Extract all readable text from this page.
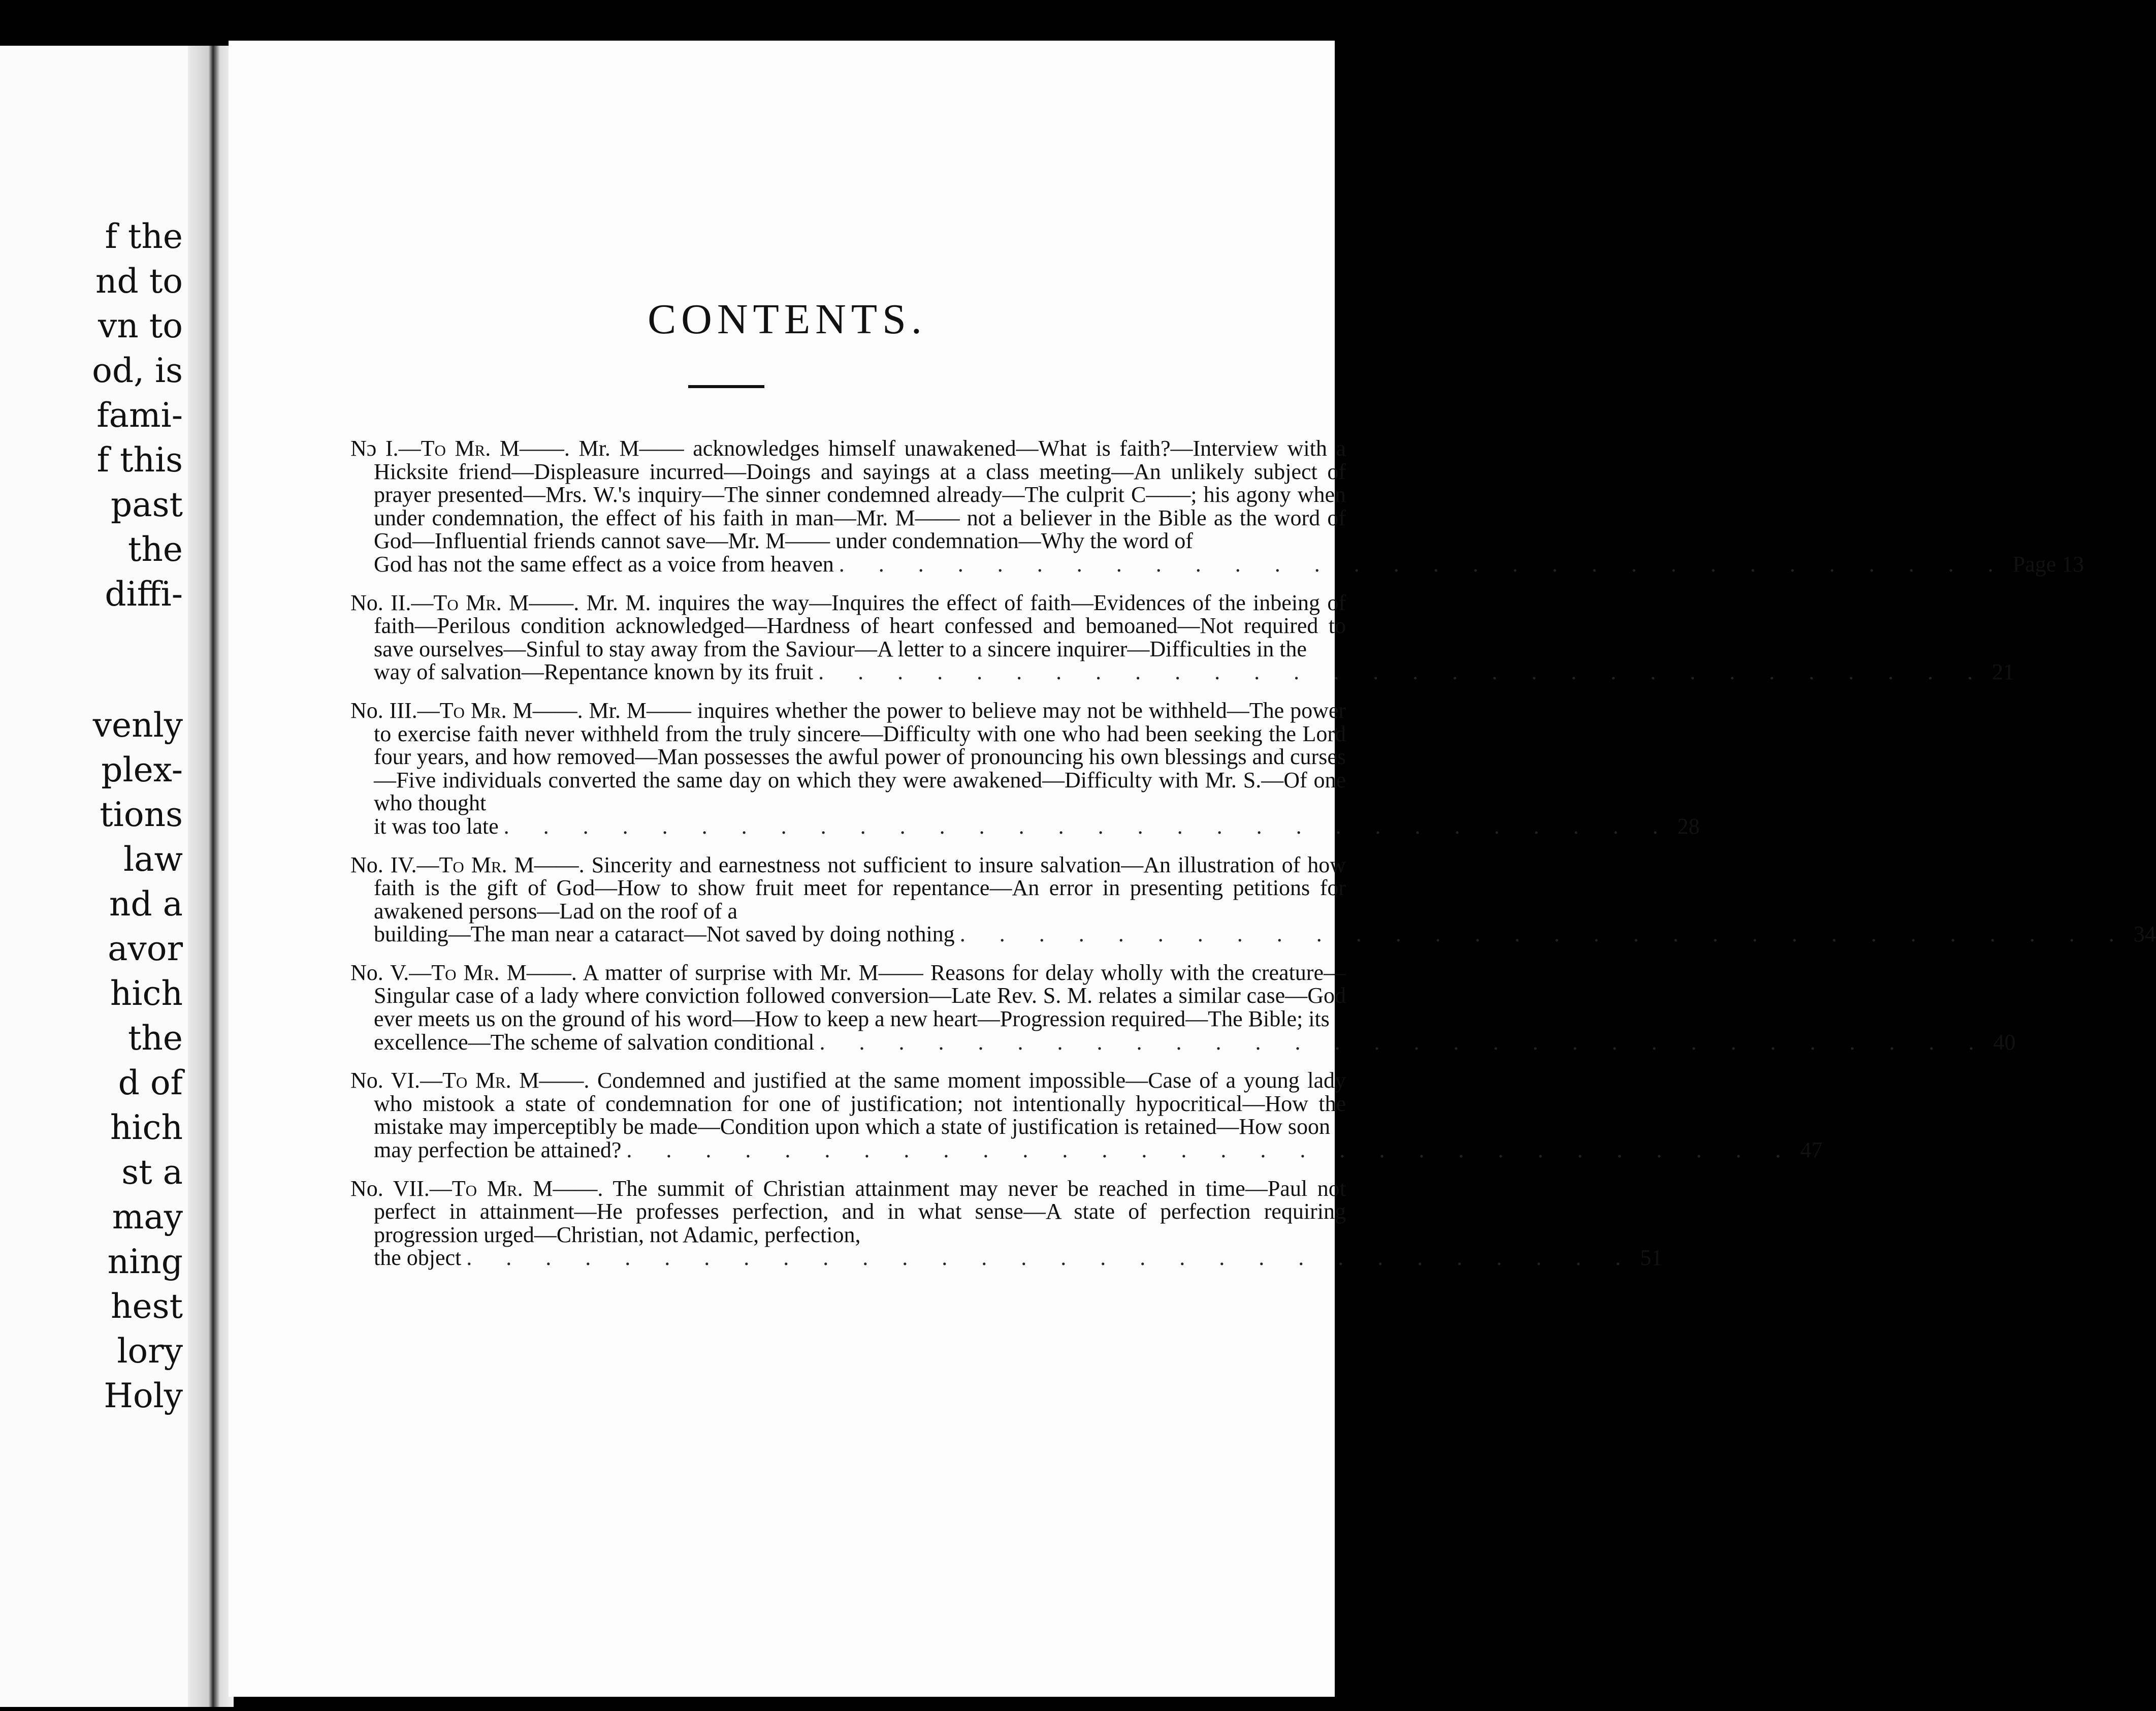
f the
nd to
vn to
od, is
fami-
f this
past
the
diffi-
venly
plex-
tions
law
nd a
avor
hich
the
d of
hich
st a
may
ning
hest
lory
Holy
CONTENTS.
Nɔ I.—To Mr. M——. Mr. M—— acknowledges himself unawakened—What is faith?—Interview with a Hicksite friend—Displeasure incurred—Doings and sayings at a class meeting—An unlikely subject of prayer presented—Mrs. W.'s inquiry—The sinner condemned already—The culprit C——; his agony when under condemnation, the effect of his faith in man—Mr. M—— not a believer in the Bible as the word of God—Influential friends cannot save—Mr. M—— under condemnation—Why the word of
God has not the same effect as a voice from heaven . . . . . . . . . . . . . . . . . . . . . . . . . . . . . . Page 13
No. II.—To Mr. M——. Mr. M. inquires the way—Inquires the effect of faith—Evidences of the inbeing of faith—Perilous condition acknowledged—Hardness of heart confessed and bemoaned—Not required to save ourselves—Sinful to stay away from the Saviour—A letter to a sincere inquirer—Difficulties in the
way of salvation—Repentance known by its fruit . . . . . . . . . . . . . . . . . . . . . . . . . . . . . . 21
No. III.—To Mr. M——. Mr. M—— inquires whether the power to believe may not be withheld—The power to exercise faith never withheld from the truly sincere—Difficulty with one who had been seeking the Lord four years, and how removed—Man possesses the awful power of pronouncing his own blessings and curses—Five individuals converted the same day on which they were awakened—Difficulty with Mr. S.—Of one who thought
it was too late . . . . . . . . . . . . . . . . . . . . . . . . . . . . . . 28
No. IV.—To Mr. M——. Sincerity and earnestness not sufficient to insure salvation—An illustration of how faith is the gift of God—How to show fruit meet for repentance—An error in presenting petitions for awakened persons—Lad on the roof of a
building—The man near a cataract—Not saved by doing nothing . . . . . . . . . . . . . . . . . . . . . . . . . . . . . . 34
No. V.—To Mr. M——. A matter of surprise with Mr. M—— Reasons for delay wholly with the creature—Singular case of a lady where conviction followed conversion—Late Rev. S. M. relates a similar case—God ever meets us on the ground of his word—How to keep a new heart—Progression required—The Bible; its
excellence—The scheme of salvation conditional . . . . . . . . . . . . . . . . . . . . . . . . . . . . . . 40
No. VI.—To Mr. M——. Condemned and justified at the same moment impossible—Case of a young lady who mistook a state of condemnation for one of justification; not intentionally hypocritical—How the mistake may imperceptibly be made—Condition upon which a state of justification is retained—How soon
may perfection be attained? . . . . . . . . . . . . . . . . . . . . . . . . . . . . . . 47
No. VII.—To Mr. M——. The summit of Christian attainment may never be reached in time—Paul not perfect in attainment—He professes perfection, and in what sense—A state of perfection requiring progression urged—Christian, not Adamic, perfection,
the object . . . . . . . . . . . . . . . . . . . . . . . . . . . . . . 51
